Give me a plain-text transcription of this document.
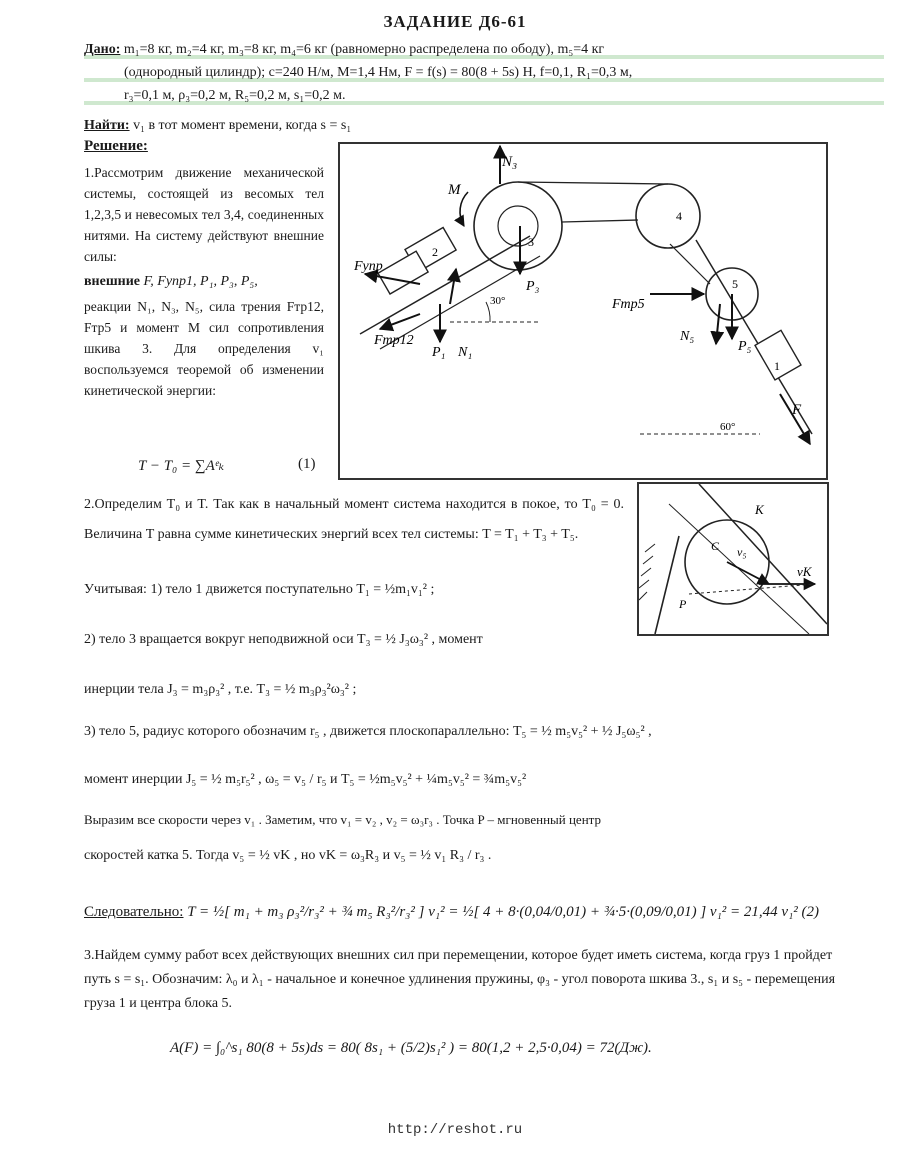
ЗАДАНИЕ Д6-61
Дано: m₁=8 кг, m₂=4 кг, m₃=8 кг, m₄=6 кг (равномерно распределена по ободу), m₅=4 кг
(однородный цилиндр); c=240 Н/м, M=1,4 Нм, F = f(s) = 80(8 + 5s) Н, f=0,1, R₁=0,3 м,
r₃=0,1 м, ρ₃=0,2 м, R₅=0,2 м, s₁=0,2 м.
Найти: v₁ в тот момент времени, когда s = s₁
Решение:
1.Рассмотрим движение механической системы, состоящей из весомых тел 1,2,3,5 и невесомых тел 3,4, соединенных нитями. На систему действуют внешние силы:
внешние F, Fупр1, P₁, P₃, P₅,
реакции N₁, N₃, N₅, сила трения Fтр12, Fтр5 и момент M сил сопротивления шкива 3. Для определения v₁ воспользуемся теоремой об изменении кинетической энергии:
T − T₀ = ∑Aᵉₖ	(1)
N₃
M
2
3
4
5
1
Fупр
Fтр12
P₁ N₁
P₃
Fтр5
N₅
P₅
F
30°
60°
K
vK
v₅
C
P
2.Определим T₀ и T. Так как в начальный момент система находится в покое, то T₀ = 0. Величина T равна сумме кинетических энергий всех тел системы: T = T₁ + T₃ + T₅.
Учитывая: 1) тело 1 движется поступательно T₁ = ½m₁v₁² ;
2) тело 3 вращается вокруг неподвижной оси T₃ = ½ J₃ω₃² , момент
инерции тела J₃ = m₃ρ₃² , т.е. T₃ = ½ m₃ρ₃²ω₃² ;
3) тело 5, радиус которого обозначим r₅ , движется плоскопараллельно: T₅ = ½ m₅v₅² + ½ J₅ω₅² ,
момент инерции J₅ = ½ m₅r₅² , ω₅ = v₅ / r₅ и T₅ = ½m₅v₅² + ¼m₅v₅² = ¾m₅v₅²
Выразим все скорости через v₁ . Заметим, что v₁ = v₂ , v₂ = ω₃r₃ . Точка P – мгновенный центр
скоростей катка 5. Тогда v₅ = ½ vK , но vK = ω₃R₃ и v₅ = ½ v₁ R₃ / r₃ .
Следовательно: T = ½[ m₁ + m₃ ρ₃²/r₃² + ¾ m₅ R₃²/r₃² ] v₁² = ½[ 4 + 8·(0,04/0,01) + ¾·5·(0,09/0,01) ] v₁² = 21,44 v₁² (2)
3.Найдем сумму работ всех действующих внешних сил при перемещении, которое будет иметь система, когда груз 1 пройдет путь s = s₁. Обозначим: λ₀ и λ₁ - начальное и конечное удлинения пружины, φ₃ - угол поворота шкива 3., s₁ и s₅ - перемещения груза 1 и центра блока 5.
A(F) = ∫₀^s₁ 80(8 + 5s)ds = 80( 8s₁ + (5/2)s₁² ) = 80(1,2 + 2,5·0,04) = 72(Дж).
http://reshot.ru
